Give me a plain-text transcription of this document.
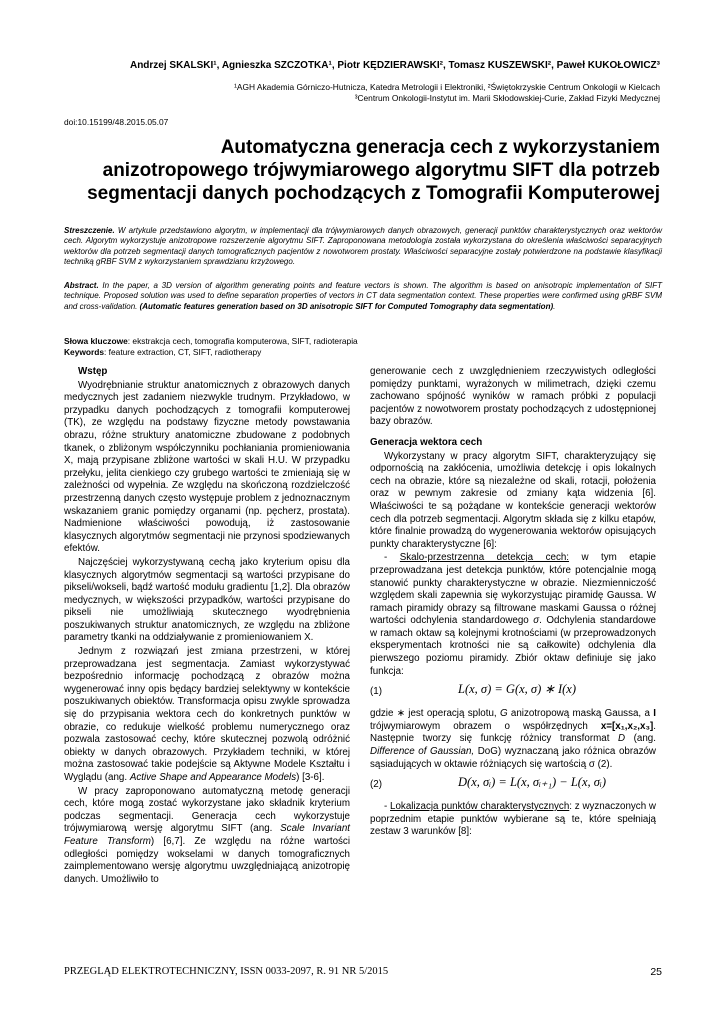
Andrzej SKALSKI¹, Agnieszka SZCZOTKA¹, Piotr KĘDZIERAWSKI², Tomasz KUSZEWSKI², Paweł KUKOŁOWICZ³
¹AGH Akademia Górniczo-Hutnicza, Katedra Metrologii i Elektroniki, ²Świętokrzyskie Centrum Onkologii w Kielcach
³Centrum Onkologii-Instytut im. Marii Skłodowskiej-Curie, Zakład Fizyki Medycznej
doi:10.15199/48.2015.05.07
Automatyczna generacja cech z wykorzystaniem
anizotropowego trójwymiarowego algorytmu SIFT dla potrzeb
segmentacji danych pochodzących z Tomografii Komputerowej
Streszczenie. W artykule przedstawiono algorytm, w implementacji dla trójwymiarowych danych obrazowych, generacji punktów charakterystycznych oraz wektorów cech. Algorytm wykorzystuje anizotropowe rozszerzenie algorytmu SIFT. Zaproponowana metodologia została wykorzystana do określenia właściwości separacyjnych wektorów dla potrzeb segmentacji danych tomograficznych pacjentów z nowotworem prostaty. Właściwości separacyjne zostały potwierdzone na podstawie klasyfikacji techniką gRBF SVM z wykorzystaniem sprawdzianu krzyżowego.
Abstract. In the paper, a 3D version of algorithm generating points and feature vectors is shown. The algorithm is based on anisotropic implementation of SIFT technique. Proposed solution was used to define separation properties of vectors in CT data segmentation context. These properties were confirmed using gRBF SVM and cross-validation. (Automatic features generation based on 3D anisotropic SIFT for Computed Tomography data segmentation).
Słowa kluczowe: ekstrakcja cech, tomografia komputerowa, SIFT, radioterapia
Keywords: feature extraction, CT, SIFT, radiotherapy
Wstęp

Wyodrębnianie struktur anatomicznych z obrazowych danych medycznych jest zadaniem niezwykle trudnym. Przykładowo, w przypadku danych pochodzących z tomografii komputerowej (TK), ze względu na podstawy fizyczne metody powstawania obrazu, różne struktury anatomiczne zbudowane z podobnych tkanek, o zbliżonym współczynniku pochłaniania promieniowania X, mają przypisane zbliżone wartości w skali H.U. W przypadku przełyku, jelita cienkiego czy grubego wartości te zmieniają się w zależności od wypełnia. Ze względu na skończoną rozdzielczość przestrzenną danych często występuje problem z jednoznacznym wskazaniem granic pomiędzy organami (np. pęcherz, prostata). Nadmienione właściwości powodują, iż zastosowanie klasycznych algorytmów segmentacji nie przynosi spodziewanych efektów.

Najczęściej wykorzystywaną cechą jako kryterium opisu dla klasycznych algorytmów segmentacji są wartości przypisane do pikseli/wokseli, bądź wartość modułu gradientu [1,2]. Dla obrazów medycznych, w większości przypadków, wartości przypisane do pikseli nie umożliwiają skutecznego wyodrębnienia poszukiwanych struktur anatomicznych, ze względu na zbliżone parametry tkanki na oddziaływanie z promieniowaniem X.

Jednym z rozwiązań jest zmiana przestrzeni, w której przeprowadzana jest segmentacja. Zamiast wykorzystywać bezpośrednio informację pochodzącą z obrazów można wygenerować inny opis będący bardziej selektywny w kontekście poszukiwanych obiektów. Transformacja opisu zwykle sprowadza się do przypisania wektora cech do konkretnych punktów w obrazie, co redukuje wielkość problemu numerycznego oraz pozwala zastosować cechy, które skutecznej pozwolą odróżnić obiekty w danych obrazowych. Przykładem techniki, w której można zastosować takie podejście są Aktywne Modele Kształtu i Wyglądu (ang. Active Shape and Appearance Models) [3-6].

W pracy zaproponowano automatyczną metodę generacji cech, które mogą zostać wykorzystane jako składnik kryterium podczas segmentacji. Generacja cech wykorzystuje trójwymiarową wersję algorytmu SIFT (ang. Scale Invariant Feature Transform) [6,7]. Ze względu na różne wartości odległości pomiędzy wokselami w danych tomograficznych zaimplementowano wersję algorytmu uwzględniającą anizotropię danych. Umożliwiło to

generowanie cech z uwzględnieniem rzeczywistych odległości pomiędzy punktami, wyrażonych w milimetrach, dzięki czemu zachowano spójność wyników w ramach próbki z populacji pacjentów z nowotworem prostaty pochodzących z udostępnionej bazy obrazów.

Generacja wektora cech

Wykorzystany w pracy algorytm SIFT, charakteryzujący się odpornością na zakłócenia, umożliwia detekcję i opis lokalnych cech na obrazie, które są niezależne od skali, rotacji, położenia oraz w pewnym zakresie od zmiany kąta widzenia [6]. Właściwości te są pożądane w kontekście generacji wektorów cech dla potrzeb segmentacji. Algorytm składa się z kilku etapów, które finalnie prowadzą do wygenerowania wektorów opisujących punkty charakterystyczne [6]:

- Skalo-przestrzenna detekcja cech: w tym etapie przeprowadzana jest detekcja punktów, które potencjalnie mogą stanowić punkty charakterystyczne w obrazie. Niezmienniczość względem skali zapewnia się wykorzystując piramidę Gaussa. W ramach piramidy obrazy są filtrowane maskami Gaussa o różnej wartości odchylenia standardowego σ. Odchylenia standardowe w ramach oktaw są kolejnymi krotnościami (w przeprowadzonych eksperymentach krotności nie są całkowite) odchylenia dla pierwszego poziomu piramidy. Zbiór oktaw definiuje się jako funkcja:

(1)	L(x, σ) = G(x, σ) ∗ I(x)

gdzie ∗ jest operacją splotu, G anizotropową maską Gaussa, a I trójwymiarowym obrazem o współrzędnych x=[x₁,x₂,x₃]. Następnie tworzy się funkcję różnicy transformat D (ang. Difference of Gaussian, DoG) wyznaczaną jako różnica obrazów sąsiadujących w oktawie różniących się wartością σ (2).

(2)	D(x, σᵢ) = L(x, σᵢ₊₁) − L(x, σᵢ)

- Lokalizacja punktów charakterystycznych: z wyznaczonych w poprzednim etapie punktów wybierane są te, które spełniają zestaw 3 warunków [8]:

PRZEGLĄD ELEKTROTECHNICZNY, ISSN 0033-2097, R. 91 NR 5/2015	25
